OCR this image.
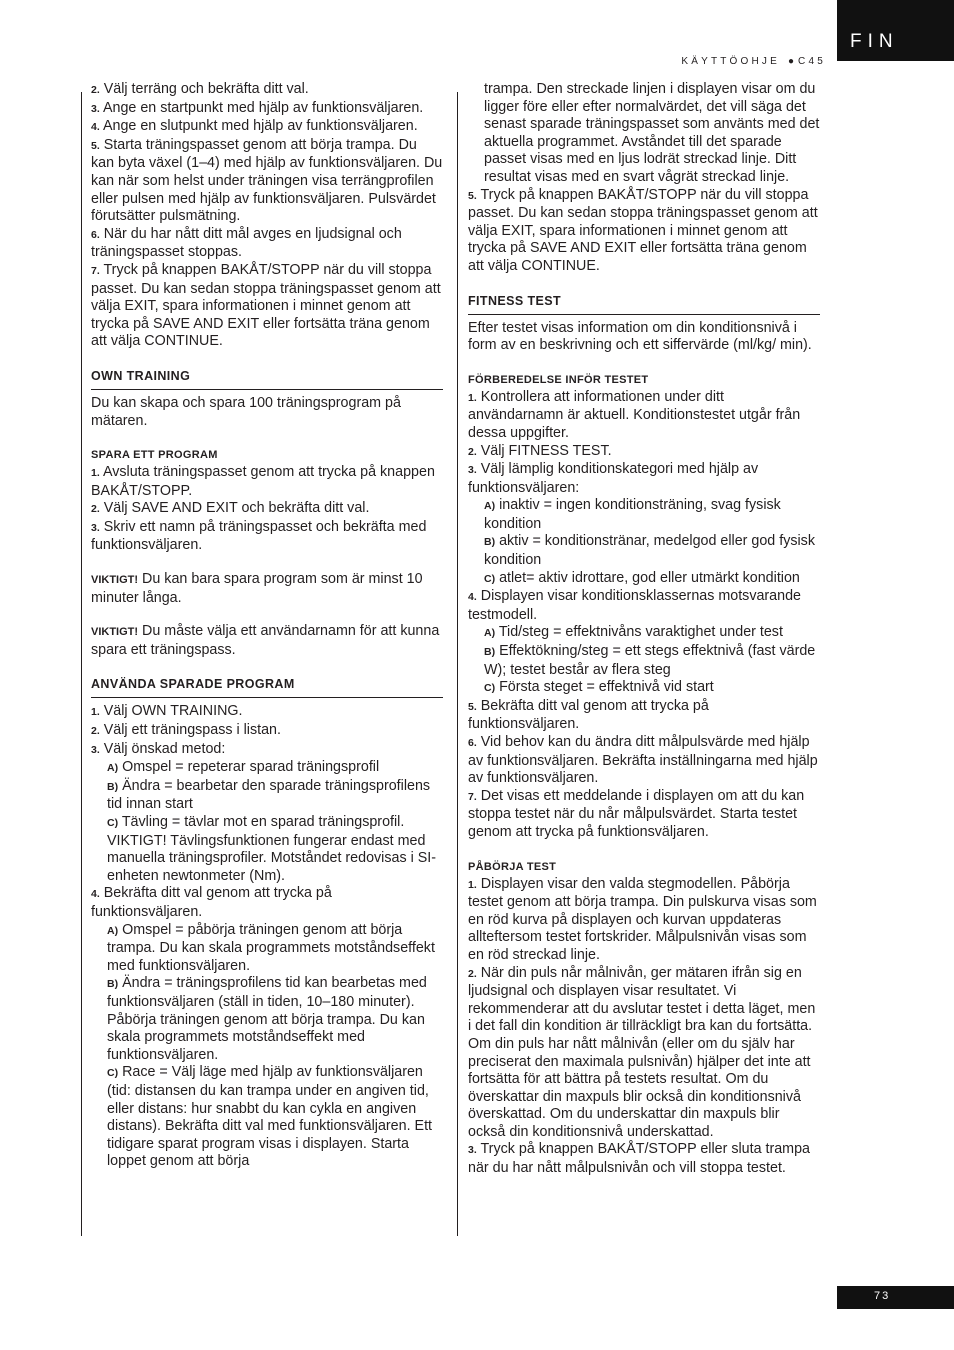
FIN
KÄYTTÖOHJE ● C45

2. Välj terräng och bekräfta ditt val.

3. Ange en startpunkt med hjälp av funktionsväljaren.

4. Ange en slutpunkt med hjälp av funktionsväljaren.

5. Starta träningspasset genom att börja trampa. Du kan byta växel (1–4) med hjälp av funktionsväljaren. Du kan när som helst under träningen visa terrängprofilen eller pulsen med hjälp av funktionsväljaren. Pulsvärdet förutsätter pulsmätning.

6. När du har nått ditt mål avges en ljudsignal och träningspasset stoppas.

7. Tryck på knappen BAKÅT/STOPP när du vill stoppa passet. Du kan sedan stoppa träningspasset genom att välja EXIT, spara informationen i minnet genom att trycka på SAVE AND EXIT eller fortsätta träna genom att välja CONTINUE.

OWN TRAINING

Du kan skapa och spara 100 träningsprogram på mätaren.

SPARA ETT PROGRAM

1. Avsluta träningspasset genom att trycka på knappen BAKÅT/STOPP.

2. Välj SAVE AND EXIT och bekräfta ditt val.

3. Skriv ett namn på träningspasset och bekräfta med funktionsväljaren.

VIKTIGT! Du kan bara spara program som är minst 10 minuter långa.

VIKTIGT! Du måste välja ett användarnamn för att kunna spara ett träningspass.

ANVÄNDA SPARADE PROGRAM

1. Välj OWN TRAINING.

2. Välj ett träningspass i listan.

3. Välj önskad metod:

A) Omspel = repeterar sparad träningsprofil

B) Ändra = bearbetar den sparade träningsprofilens tid innan start

C) Tävling = tävlar mot en sparad träningsprofil. VIKTIGT! Tävlingsfunktionen fungerar endast med manuella träningsprofiler. Motståndet redovisas i SI-enheten newtonmeter (Nm).

4. Bekräfta ditt val genom att trycka på funktionsväljaren.

A) Omspel = påbörja träningen genom att börja trampa. Du kan skala programmets motståndseffekt med funktionsväljaren.

B) Ändra = träningsprofilens tid kan bearbetas med funktionsväljaren (ställ in tiden, 10–180 minuter). Påbörja träningen genom att börja trampa. Du kan skala programmets motståndseffekt med funktionsväljaren.

C) Race = Välj läge med hjälp av funktionsväljaren (tid: distansen du kan trampa under en angiven tid, eller distans: hur snabbt du kan cykla en angiven distans). Bekräfta ditt val med funktionsväljaren. Ett tidigare sparat program visas i displayen. Starta loppet genom att börja

trampa. Den streckade linjen i displayen visar om du ligger före eller efter normalvärdet, det vill säga det senast sparade träningspasset som använts med det aktuella programmet. Avståndet till det sparade passet visas med en ljus lodrät streckad linje. Ditt resultat visas med en svart vågrät streckad linje.

5. Tryck på knappen BAKÅT/STOPP när du vill stoppa passet. Du kan sedan stoppa träningspasset genom att välja EXIT, spara informationen i minnet genom att trycka på SAVE AND EXIT eller fortsätta träna genom att välja CONTINUE.

FITNESS TEST

Efter testet visas information om din konditionsnivå i form av en beskrivning och ett siffervärde (ml/kg/ min).

FÖRBEREDELSE INFÖR TESTET

1. Kontrollera att informationen under ditt användarnamn är aktuell. Konditionstestet utgår från dessa uppgifter.

2. Välj FITNESS TEST.

3. Välj lämplig konditionskategori med hjälp av funktionsväljaren:

A) inaktiv = ingen konditionsträning, svag fysisk kondition

B) aktiv = konditionstränar, medelgod eller god fysisk kondition

C) atlet= aktiv idrottare, god eller utmärkt kondition

4. Displayen visar konditionsklassernas motsvarande testmodell.

A) Tid/steg = effektnivåns varaktighet under test

B) Effektökning/steg = ett stegs effektnivå (fast värde W); testet består av flera steg

C) Första steget = effektnivå vid start

5. Bekräfta ditt val genom att trycka på funktionsväljaren.

6. Vid behov kan du ändra ditt målpulsvärde med hjälp av funktionsväljaren. Bekräfta inställningarna med hjälp av funktionsväljaren.

7. Det visas ett meddelande i displayen om att du kan stoppa testet när du når målpulsvärdet. Starta testet genom att trycka på funktionsväljaren.

PÅBÖRJA TEST

1. Displayen visar den valda stegmodellen. Påbörja testet genom att börja trampa. Din pulskurva visas som en röd kurva på displayen och kurvan uppdateras allteftersom testet fortskrider. Målpulsnivån visas som en röd streckad linje.

2. När din puls når målnivån, ger mätaren ifrån sig en ljudsignal och displayen visar resultatet. Vi rekommenderar att du avslutar testet i detta läget, men i det fall din kondition är tillräckligt bra kan du fortsätta. Om din puls har nått målnivån (eller om du själv har preciserat den maximala pulsnivån) hjälper det inte att fortsätta för att bättra på testets resultat. Om du överskattar din maxpuls blir också din konditionsnivå överskattad. Om du underskattar din maxpuls blir också din konditionsnivå underskattad.

3. Tryck på knappen BAKÅT/STOPP eller sluta trampa när du har nått målpulsnivån och vill stoppa testet.

73
